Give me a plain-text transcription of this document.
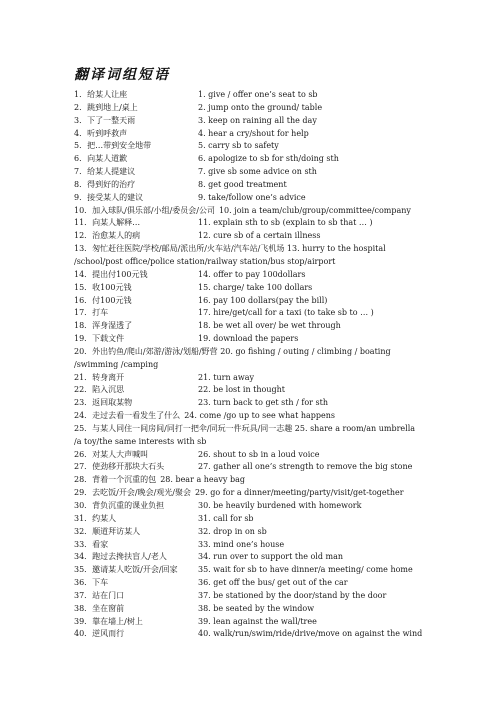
翻译词组短语
1．给某人让座	1. give / offer one’s seat to sb
2．跳到地上/桌上	2. jump onto the ground/ table
3．下了一整天雨	3. keep on raining all the day
4．听到呼救声	4. hear a cry/shout for help
5．把…带到安全地带	5. carry sb to safety
6．向某人道歉	6. apologize to sb for sth/doing sth
7．给某人提建议	7. give sb some advice on sth
8．得到好的治疗	8. get good treatment
9．接受某人的建议	9. take/follow one’s advice
10．加入球队/俱乐部/小组/委员会/公司 10. join a team/club/group/committee/company
11．向某人解释…	11. explain sth to sb (explain to sb that … )
12．治愈某人的病	12. cure sb of a certain illness
13．匆忙赶往医院/学校/邮局/派出所/火车站/汽车站/飞机场 13. hurry to the hospital
/school/post office/police station/railway station/bus stop/airport
14．提出付100元钱	14. offer to pay 100dollars
15．收100元钱	15. charge/ take 100 dollars
16．付100元钱	16. pay 100 dollars(pay the bill)
17．打车	17. hire/get/call for a taxi (to take sb to … )
18．浑身湿透了	18. be wet all over/ be wet through
19．下载文件	19. download the papers
20．外出钓鱼/爬山/郊游/游泳/划船/野营 20. go fishing / outing / climbing / boating
/swimming /camping
21．转身离开	21. turn away
22．陷入沉思	22. be lost in thought
23．返回取某物	23. turn back to get sth / for sth
24．走过去看一看发生了什么 24. come /go up to see what happens
25．与某人同住一间房间/同打一把伞/同玩一件玩具/同一志趣 25. share a room/an umbrella
/a toy/the same interests with sb
26．对某人大声喊叫	26. shout to sb in a loud voice
27．使劲移开那块大石头	27. gather all one’s strength to remove the big stone
28．背着一个沉重的包 28. bear a heavy bag
29．去吃饭/开会/晚会/观光/聚会 29. go for a dinner/meeting/party/visit/get-together
30．背负沉重的课业负担	30. be heavily burdened with homework
31．约某人	31. call for sb
32．顺道拜访某人	32. drop in on sb
33．看家	33. mind one’s house
34．跑过去搀扶盲人/老人	34. run over to support the old man
35．邀请某人吃饭/开会/回家	35. wait for sb to have dinner/a meeting/ come home
36．下车	36. get off the bus/ get out of the car
37．站在门口	37. be stationed by the door/stand by the door
38．坐在窗前	38. be seated by the window
39．靠在墙上/树上	39. lean against the wall/tree
40．逆风而行	40. walk/run/swim/ride/drive/move on against the wind
